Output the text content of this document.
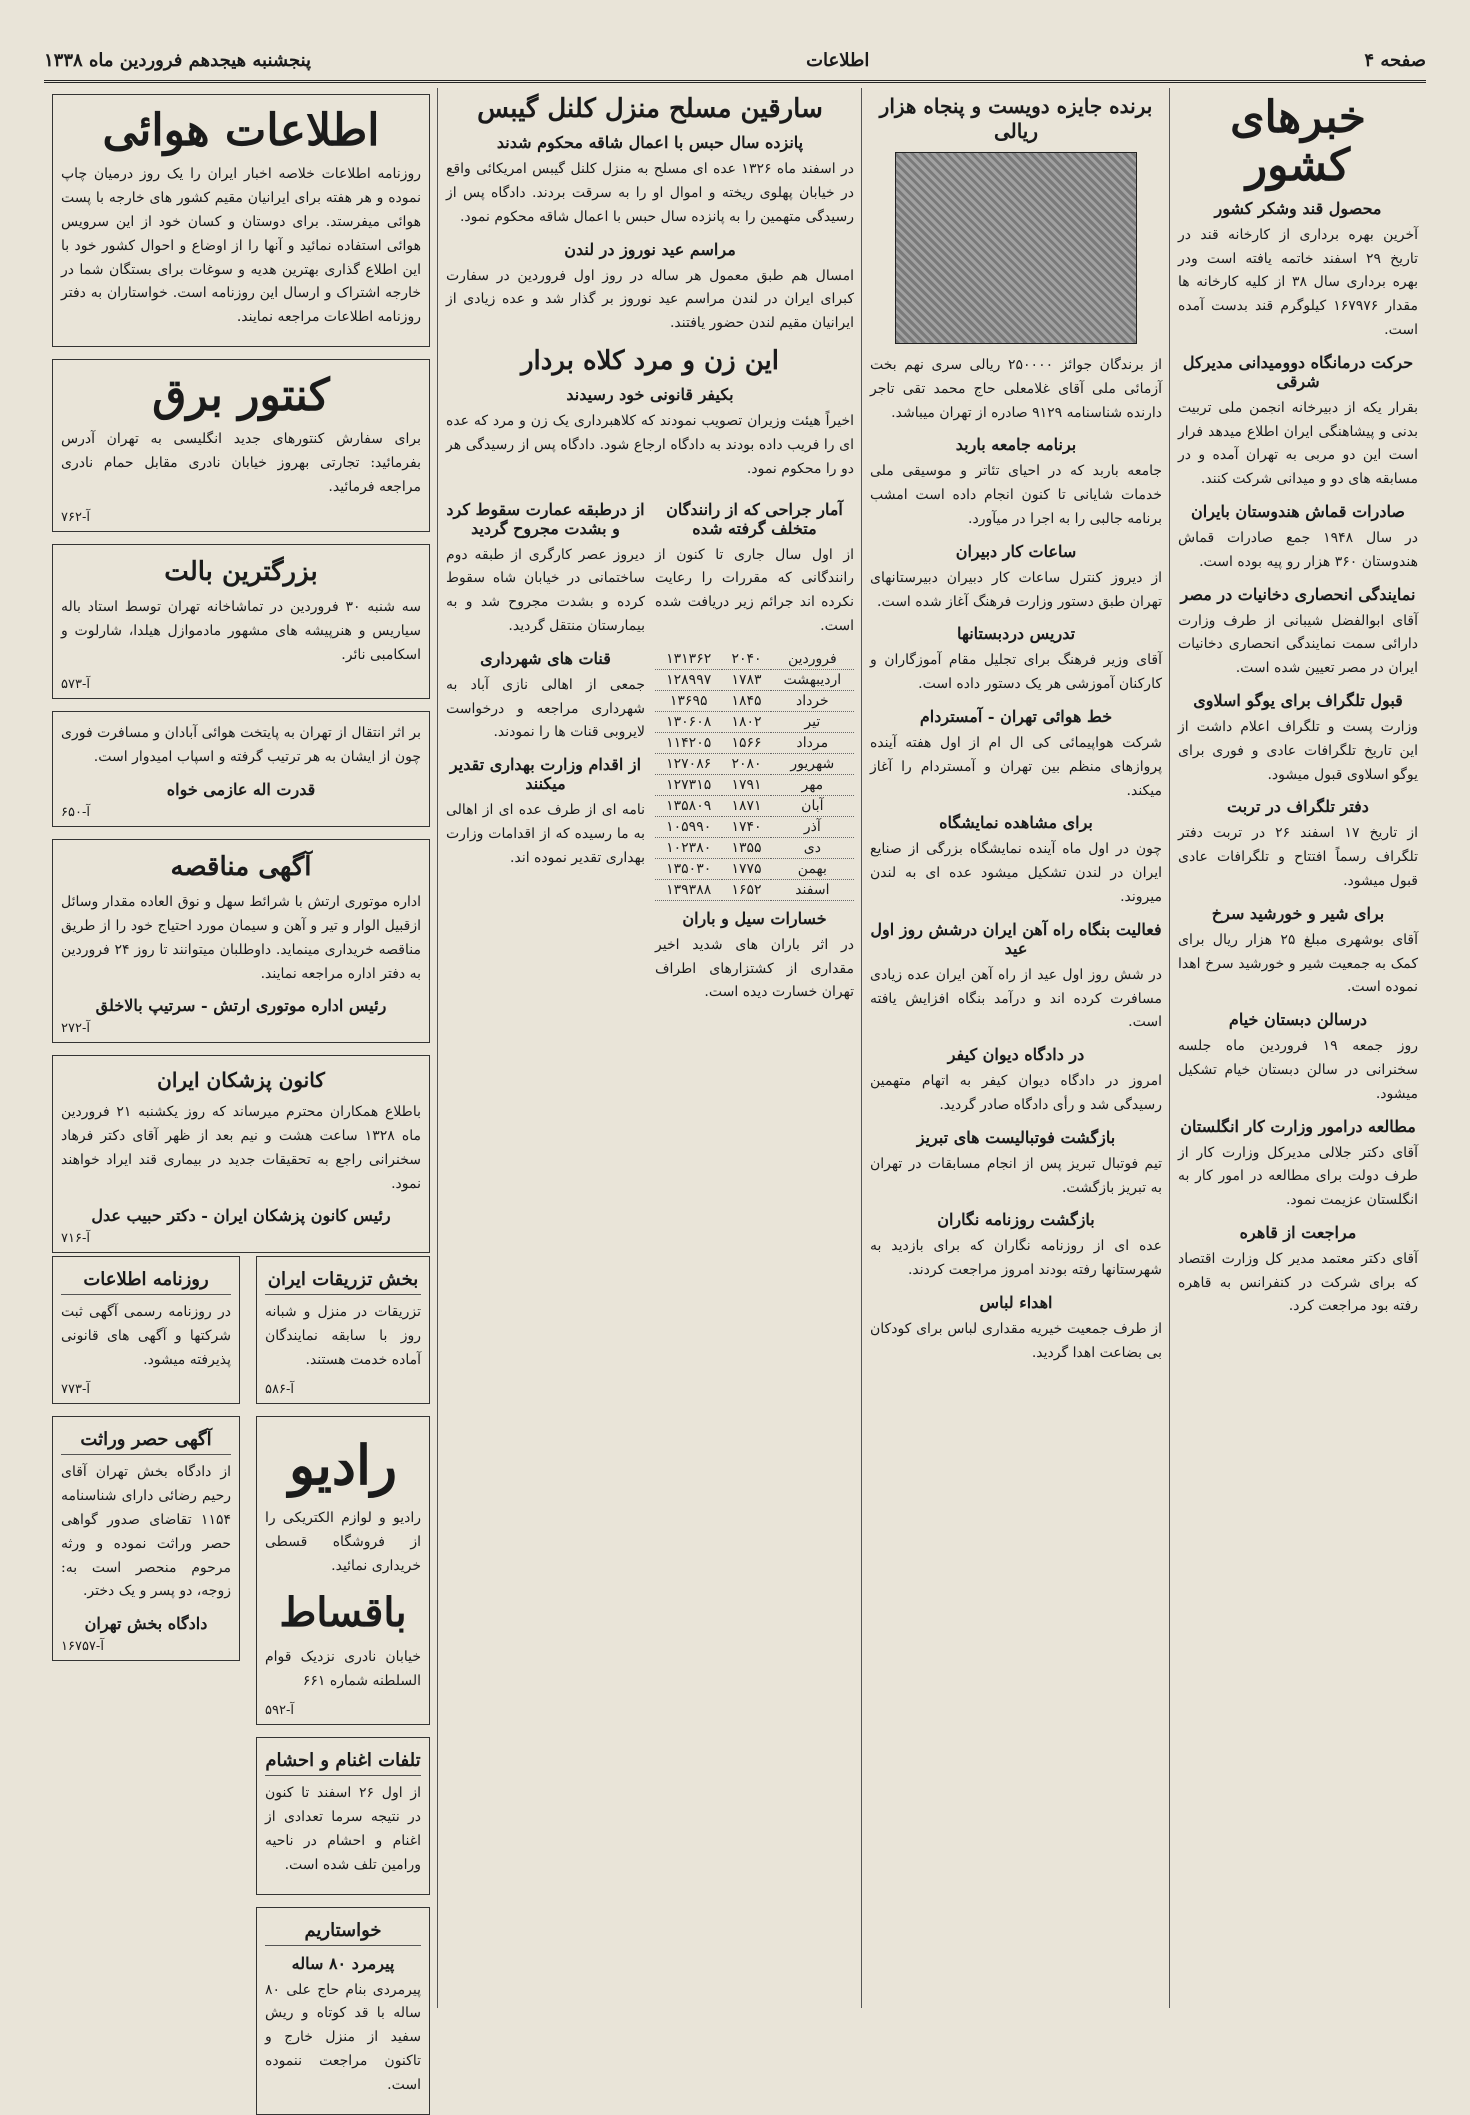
صفحه ۴
اطلاعات
پنجشنبه هیجدهم فروردین ماه ۱۳۳۸
خبرهای کشور
محصول قند وشکر کشور

آخرین بهره برداری از کارخانه قند در تاریخ ۲۹ اسفند خاتمه یافته است ودر بهره برداری سال ۳۸ از کلیه کارخانه ها مقدار ۱۶۷۹۷۶ کیلوگرم قند بدست آمده است.

حرکت درمانگاه دوومیدانی مدیرکل شرقی

بقرار یکه از دبیرخانه انجمن ملی تربیت بدنی و پیشاهنگی ایران اطلاع میدهد فرار است این دو مربی به تهران آمده و در مسابقه های دو و میدانی شرکت کنند.

صادرات قماش هندوستان بایران

در سال ۱۹۴۸ جمع صادرات قماش هندوستان ۳۶۰ هزار رو پیه بوده است.

نمایندگی انحصاری دخانیات در مصر

آقای ابوالفضل شیبانی از طرف وزارت دارائی سمت نمایندگی انحصاری دخانیات ایران در مصر تعیین شده است.

قبول تلگراف برای یوگو اسلاوی

وزارت پست و تلگراف اعلام داشت از این تاریخ تلگرافات عادی و فوری برای یوگو اسلاوی قبول میشود.

دفتر تلگراف در تربت

از تاریخ ۱۷ اسفند ۲۶ در تربت دفتر تلگراف رسماً افتتاح و تلگرافات عادی قبول میشود.

برای شیر و خورشید سرخ

آقای بوشهری مبلغ ۲۵ هزار ریال برای کمک به جمعیت شیر و خورشید سرخ اهدا نموده است.

درسالن دبستان خیام

روز جمعه ۱۹ فروردین ماه جلسه سخنرانی در سالن دبستان خیام تشکیل میشود.

مطالعه درامور وزارت کار انگلستان

آقای دکتر جلالی مدیرکل وزارت کار از طرف دولت برای مطالعه در امور کار به انگلستان عزیمت نمود.

مراجعت از قاهره

آقای دکتر معتمد مدیر کل وزارت اقتصاد که برای شرکت در کنفرانس به قاهره رفته بود مراجعت کرد.

برنده جایزه دویست و پنجاه هزار ریالی

از برندگان جوائز ۲۵۰۰۰۰ ریالی سری نهم بخت آزمائی ملی آقای غلامعلی حاج محمد تقی تاجر دارنده شناسنامه ۹۱۲۹ صادره از تهران میباشد.

برنامه جامعه باربد

جامعه باربد که در احیای تئاتر و موسیقی ملی خدمات شایانی تا کنون انجام داده است امشب برنامه جالبی را به اجرا در میآورد.

ساعات کار دبیران

از دیروز کنترل ساعات کار دبیران دبیرستانهای تهران طبق دستور وزارت فرهنگ آغاز شده است.

تدریس دردبستانها

آقای وزیر فرهنگ برای تجلیل مقام آموزگاران و کارکنان آموزشی هر یک دستور داده است.

خط هوائی تهران - آمستردام

شرکت هواپیمائی کی ال ام از اول هفته آینده پروازهای منظم بین تهران و آمستردام را آغاز میکند.

برای مشاهده نمایشگاه

چون در اول ماه آینده نمایشگاه بزرگی از صنایع ایران در لندن تشکیل میشود عده ای به لندن میروند.

فعالیت بنگاه راه آهن ایران درشش روز اول عید

در شش روز اول عید از راه آهن ایران عده زیادی مسافرت کرده اند و درآمد بنگاه افزایش یافته است.

در دادگاه دیوان کیفر

امروز در دادگاه دیوان کیفر به اتهام متهمین رسیدگی شد و رأی دادگاه صادر گردید.

بازگشت فوتبالیست های تبریز

تیم فوتبال تبریز پس از انجام مسابقات در تهران به تبریز بازگشت.

بازگشت روزنامه نگاران

عده ای از روزنامه نگاران که برای بازدید به شهرستانها رفته بودند امروز مراجعت کردند.

اهداء لباس

از طرف جمعیت خیریه مقداری لباس برای کودکان بی بضاعت اهدا گردید.

سارقین مسلح منزل کلنل گیبس
پانزده سال حبس با اعمال شاقه محکوم شدند

در اسفند ماه ۱۳۲۶ عده ای مسلح به منزل کلنل گیبس امریکائی واقع در خیابان پهلوی ریخته و اموال او را به سرقت بردند. دادگاه پس از رسیدگی متهمین را به پانزده سال حبس با اعمال شاقه محکوم نمود.

مراسم عید نوروز در لندن

امسال هم طبق معمول هر ساله در روز اول فروردین در سفارت کبرای ایران در لندن مراسم عید نوروز بر گذار شد و عده زیادی از ایرانیان مقیم لندن حضور یافتند.

این زن و مرد کلاه بردار
بکیفر قانونی خود رسیدند

اخیراً هیئت وزیران تصویب نمودند که کلاهبرداری یک زن و مرد که عده ای را فریب داده بودند به دادگاه ارجاع شود. دادگاه پس از رسیدگی هر دو را محکوم نمود.

آمار جراحی که از رانندگان متخلف گرفته شده

از اول سال جاری تا کنون از رانندگانی که مقررات را رعایت نکرده اند جرائم زیر دریافت شده است.

فروردین	۲۰۴۰	۱۳۱۳۶۲
اردیبهشت	۱۷۸۳	۱۲۸۹۹۷
خرداد	۱۸۴۵	۱۳۶۹۵
تیر	۱۸۰۲	۱۳۰۶۰۸
مرداد	۱۵۶۶	۱۱۴۲۰۵
شهریور	۲۰۸۰	۱۲۷۰۸۶
مهر	۱۷۹۱	۱۲۷۳۱۵
آبان	۱۸۷۱	۱۳۵۸۰۹
آذر	۱۷۴۰	۱۰۵۹۹۰
دی	۱۳۵۵	۱۰۲۳۸۰
بهمن	۱۷۷۵	۱۳۵۰۳۰
اسفند	۱۶۵۲	۱۳۹۳۸۸
خسارات سیل و باران

در اثر باران های شدید اخیر مقداری از کشتزارهای اطراف تهران خسارت دیده است.

از درطبقه عمارت سقوط کرد و بشدت مجروح گردید

دیروز عصر کارگری از طبقه دوم ساختمانی در خیابان شاه سقوط کرده و بشدت مجروح شد و به بیمارستان منتقل گردید.

قنات های شهرداری

جمعی از اهالی نازی آباد به شهرداری مراجعه و درخواست لایروبی قنات ها را نمودند.

از اقدام وزارت بهداری تقدیر میکنند

نامه ای از طرف عده ای از اهالی به ما رسیده که از اقدامات وزارت بهداری تقدیر نموده اند.

اطلاعات هوائی

روزنامه اطلاعات خلاصه اخبار ایران را یک روز درمیان چاپ نموده و هر هفته برای ایرانیان مقیم کشور های خارجه با پست هوائی میفرستد. برای دوستان و کسان خود از این سرویس هوائی استفاده نمائید و آنها را از اوضاع و احوال کشور خود با این اطلاع گذاری بهترین هدیه و سوغات برای بستگان شما در خارجه اشتراک و ارسال این روزنامه است. خواستاران به دفتر روزنامه اطلاعات مراجعه نمایند.

کنتور برق

برای سفارش کنتورهای جدید انگلیسی به تهران آدرس بفرمائید: تجارتی بهروز خیابان نادری مقابل حمام نادری مراجعه فرمائید.

آ-۷۶۲
بزرگترین بالت

سه شنبه ۳۰ فروردین در تماشاخانه تهران توسط استاد باله سیاریس و هنرپیشه های مشهور مادموازل هیلدا، شارلوت و اسکامبی نائر.

آ-۵۷۳

بر اثر انتقال از تهران به پایتخت هوائی آبادان و مسافرت فوری چون از ایشان به هر ترتیب گرفته و اسپاب امیدوار است.

قدرت اله عازمی خواه
آ-۶۵۰
آگهی مناقصه

اداره موتوری ارتش با شرائط سهل و نوق العاده مقدار وسائل ازقبیل الوار و تیر و آهن و سیمان مورد احتیاج خود را از طریق مناقصه خریداری مینماید. داوطلبان میتوانند تا روز ۲۴ فروردین به دفتر اداره مراجعه نمایند.

رئیس اداره موتوری ارتش - سرتیپ بالاخلق
آ-۲۷۲
کانون پزشکان ایران

باطلاع همکاران محترم میرساند که روز یکشنبه ۲۱ فروردین ماه ۱۳۲۸ ساعت هشت و نیم بعد از ظهر آقای دکتر فرهاد سخنرانی راجع به تحقیقات جدید در بیماری قند ایراد خواهند نمود.

رئیس کانون پزشکان ایران - دکتر حبیب عدل
آ-۷۱۶
بخش تزریقات ایران

تزریقات در منزل و شبانه روز با سابقه نمایندگان آماده خدمت هستند.

آ-۵۸۶
رادیو

رادیو و لوازم الکتریکی را از فروشگاه قسطی خریداری نمائید.

باقساط

خیابان نادری نزدیک قوام السلطنه شماره ۶۶۱

آ-۵۹۲
تلفات اغنام و احشام

از اول ۲۶ اسفند تا کنون در نتیجه سرما تعدادی از اغنام و احشام در ناحیه ورامین تلف شده است.

خواستاریم
پیرمرد ۸۰ ساله

پیرمردی بنام حاج علی ۸۰ ساله با قد کوتاه و ریش سفید از منزل خارج و تاکنون مراجعت ننموده است.

روزنامه اطلاعات

در روزنامه رسمی آگهی ثبت شرکتها و آگهی های قانونی پذیرفته میشود.

آ-۷۷۳
آگهی حصر وراثت

از دادگاه بخش تهران آقای رحیم رضائی دارای شناسنامه ۱۱۵۴ تقاضای صدور گواهی حصر وراثت نموده و ورثه مرحوم منحصر است به: زوجه، دو پسر و یک دختر.

دادگاه بخش تهران
آ-۱۶۷۵۷
